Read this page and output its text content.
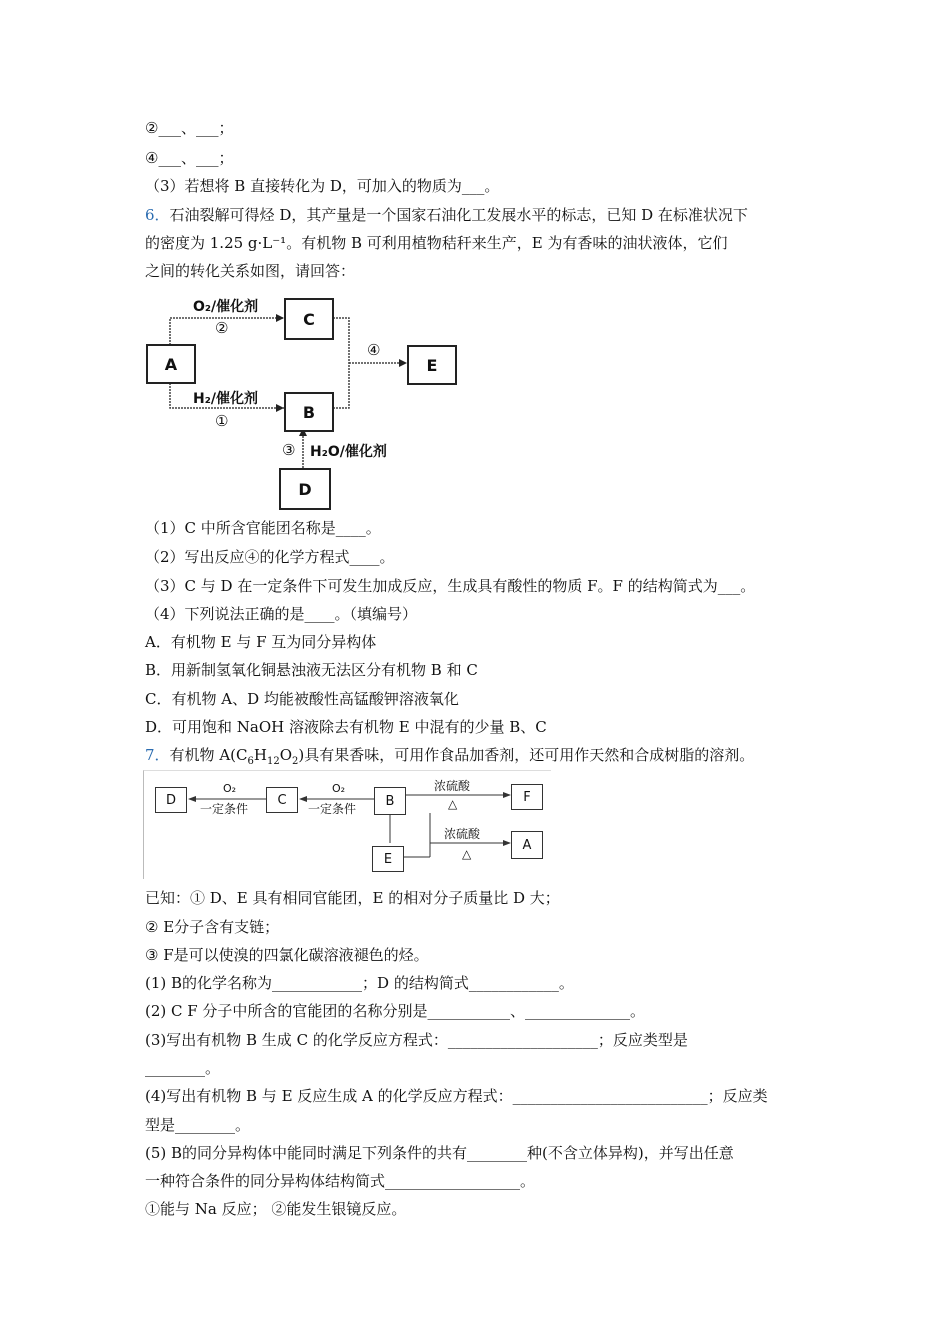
②___、___；
④___、___；
（3）若想将 B 直接转化为 D，可加入的物质为___。
6．石油裂解可得烃 D，其产量是一个国家石油化工发展水平的标志，已知 D 在标准状况下
的密度为 1.25 g·L⁻¹。有机物 B 可利用植物秸秆来生产，E 为有香味的油状液体，它们
之间的转化关系如图，请回答：
A
C
B
E
D
O₂/催化剂
②
H₂/催化剂
①
H₂O/催化剂
③
④
（1）C 中所含官能团名称是____。
（2）写出反应④的化学方程式____。
（3）C 与 D 在一定条件下可发生加成反应，生成具有酸性的物质 F。F 的结构简式为___。
（4）下列说法正确的是____。（填编号）
A．有机物 E 与 F 互为同分异构体
B．用新制氢氧化铜悬浊液无法区分有机物 B 和 C
C．有机物 A、D 均能被酸性高锰酸钾溶液氧化
D．可用饱和 NaOH 溶液除去有机物 E 中混有的少量 B、C
7．有机物 $A(C_6H_{12}O_2)$具有果香味，可用作食品加香剂，还可用作天然和合成树脂的溶剂。
D	C	B	F
E
A
O₂
一定条件
O₂
一定条件
浓硫酸
△
浓硫酸
△
已知：① D、E 具有相同官能团，E 的相对分子质量比 D 大；
② E分子含有支链；
③ F是可以使溴的四氯化碳溶液褪色的烃。
(1) B的化学名称为____________；D 的结构简式____________。
(2) C F 分子中所含的官能团的名称分别是___________、______________。
(3)写出有机物 B 生成 C 的化学反应方程式：____________________；反应类型是
________。
(4)写出有机物 B 与 E 反应生成 A 的化学反应方程式：__________________________；反应类
型是________。
(5) B的同分异构体中能同时满足下列条件的共有________种(不含立体异构)，并写出任意
一种符合条件的同分异构体结构简式__________________。
①能与 Na 反应； ②能发生银镜反应。
